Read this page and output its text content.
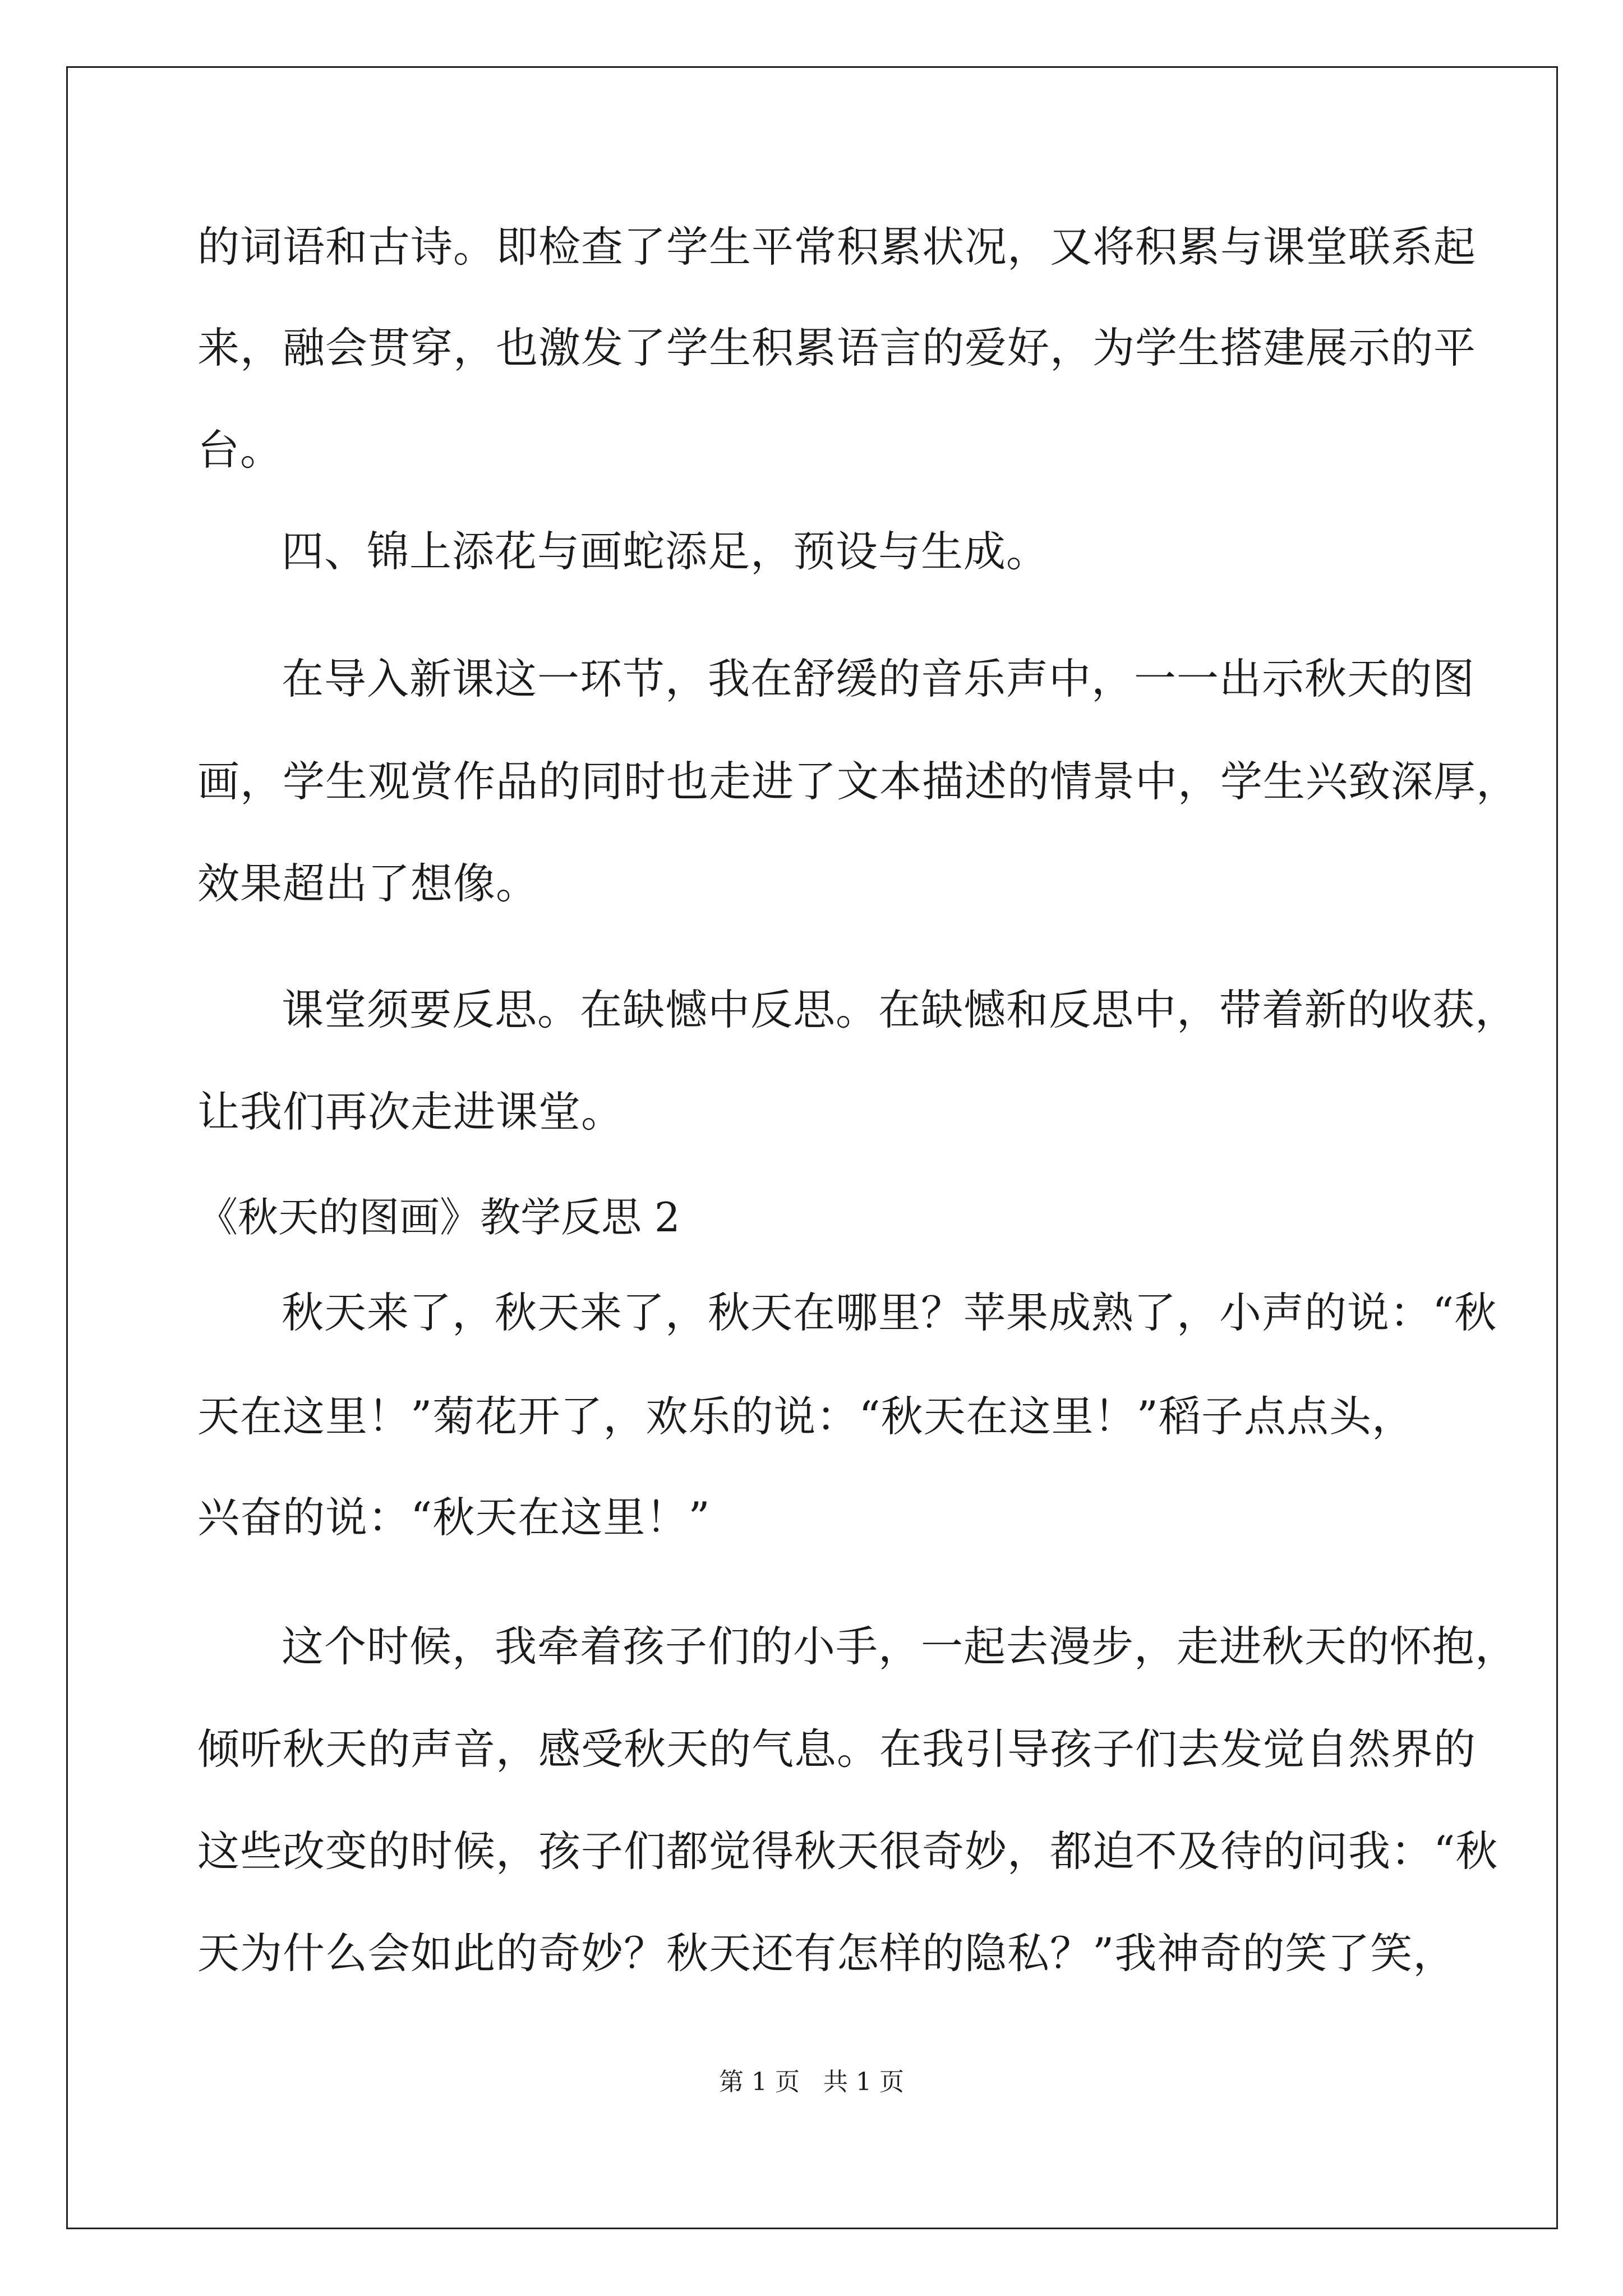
的词语和古诗。即检查了学生平常积累状况，又将积累与课堂联系起
来，融会贯穿，也激发了学生积累语言的爱好，为学生搭建展示的平
台。
四、锦上添花与画蛇添足，预设与生成。
在导入新课这一环节，我在舒缓的音乐声中，一一出示秋天的图
画，学生观赏作品的同时也走进了文本描述的情景中，学生兴致深厚，
效果超出了想像。
课堂须要反思。在缺憾中反思。在缺憾和反思中，带着新的收获，
让我们再次走进课堂。
《秋天的图画》教学反思 2
秋天来了，秋天来了，秋天在哪里？苹果成熟了，小声的说：“秋
天在这里！”菊花开了，欢乐的说：“秋天在这里！”稻子点点头，
兴奋的说：“秋天在这里！”
这个时候，我牵着孩子们的小手，一起去漫步，走进秋天的怀抱，
倾听秋天的声音，感受秋天的气息。在我引导孩子们去发觉自然界的
这些改变的时候，孩子们都觉得秋天很奇妙，都迫不及待的问我：“秋
天为什么会如此的奇妙？秋天还有怎样的隐私？”我神奇的笑了笑，
第 1 页   共 1 页
